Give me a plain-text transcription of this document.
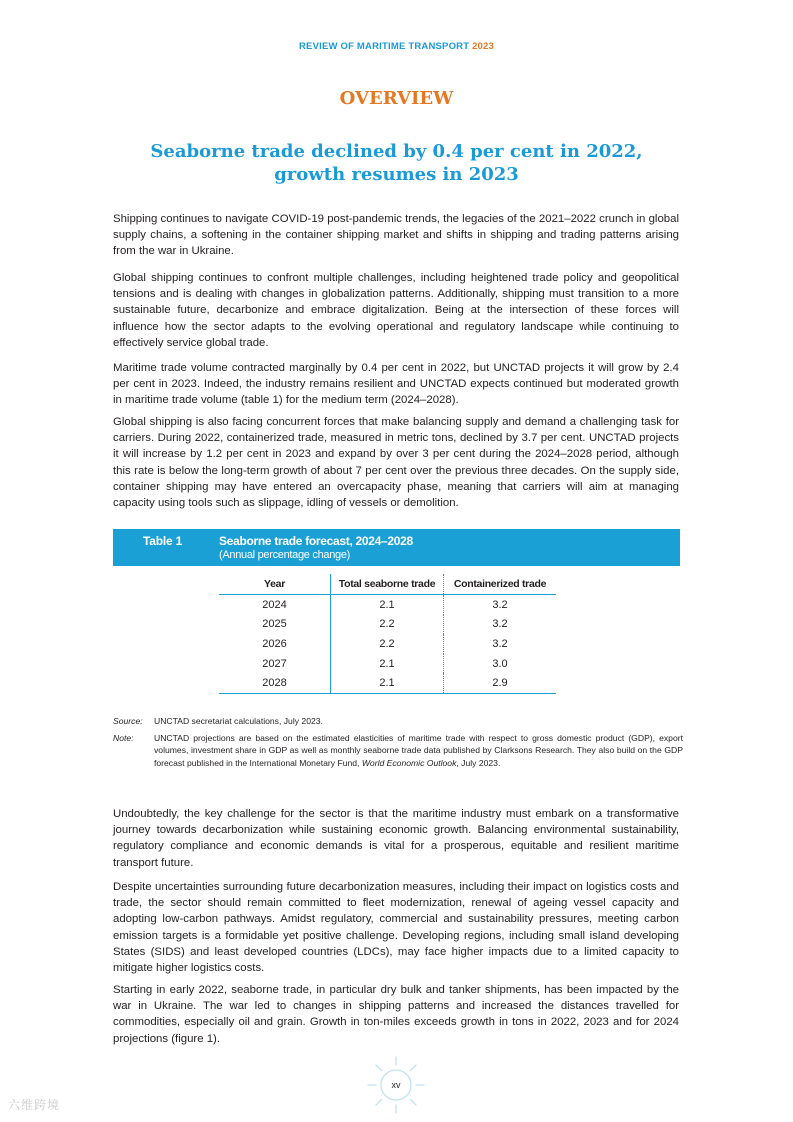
REVIEW OF MARITIME TRANSPORT 2023
OVERVIEW
Seaborne trade declined by 0.4 per cent in 2022,
growth resumes in 2023

Shipping continues to navigate COVID-19 post-pandemic trends, the legacies of the 2021–2022 crunch in global supply chains, a softening in the container shipping market and shifts in shipping and trading patterns arising from the war in Ukraine.

Global shipping continues to confront multiple challenges, including heightened trade policy and geopolitical tensions and is dealing with changes in globalization patterns. Additionally, shipping must transition to a more sustainable future, decarbonize and embrace digitalization. Being at the intersection of these forces will influence how the sector adapts to the evolving operational and regulatory landscape while continuing to effectively service global trade.

Maritime trade volume contracted marginally by 0.4 per cent in 2022, but UNCTAD projects it will grow by 2.4 per cent in 2023. Indeed, the industry remains resilient and UNCTAD expects continued but moderated growth in maritime trade volume (table 1) for the medium term (2024–2028).

Global shipping is also facing concurrent forces that make balancing supply and demand a challenging task for carriers. During 2022, containerized trade, measured in metric tons, declined by 3.7 per cent. UNCTAD projects it will increase by 1.2 per cent in 2023 and expand by over 3 per cent during the 2024–2028 period, although this rate is below the long-term growth of about 7 per cent over the previous three decades. On the supply side, container shipping may have entered an overcapacity phase, meaning that carriers will aim at managing capacity using tools such as slippage, idling of vessels or demolition.

Table 1	Seaborne trade forecast, 2024–2028
(Annual percentage change)
Year	Total seaborne trade	Containerized trade
2024	2.1	3.2
2025	2.2	3.2
2026	2.2	3.2
2027	2.1	3.0
2028	2.1	2.9
Source: UNCTAD secretariat calculations, July 2023.
Note: UNCTAD projections are based on the estimated elasticities of maritime trade with respect to gross domestic product (GDP), export volumes, investment share in GDP as well as monthly seaborne trade data published by Clarksons Research. They also build on the GDP forecast published in the International Monetary Fund, World Economic Outlook, July 2023.

Undoubtedly, the key challenge for the sector is that the maritime industry must embark on a transformative journey towards decarbonization while sustaining economic growth. Balancing environmental sustainability, regulatory compliance and economic demands is vital for a prosperous, equitable and resilient maritime transport future.

Despite uncertainties surrounding future decarbonization measures, including their impact on logistics costs and trade, the sector should remain committed to fleet modernization, renewal of ageing vessel capacity and adopting low-carbon pathways. Amidst regulatory, commercial and sustainability pressures, meeting carbon emission targets is a formidable yet positive challenge. Developing regions, including small island developing States (SIDS) and least developed countries (LDCs), may face higher impacts due to a limited capacity to mitigate higher logistics costs.

Starting in early 2022, seaborne trade, in particular dry bulk and tanker shipments, has been impacted by the war in Ukraine. The war led to changes in shipping patterns and increased the distances travelled for commodities, especially oil and grain. Growth in ton-miles exceeds growth in tons in 2022, 2023 and for 2024 projections (figure 1).

xv
六维跨境
